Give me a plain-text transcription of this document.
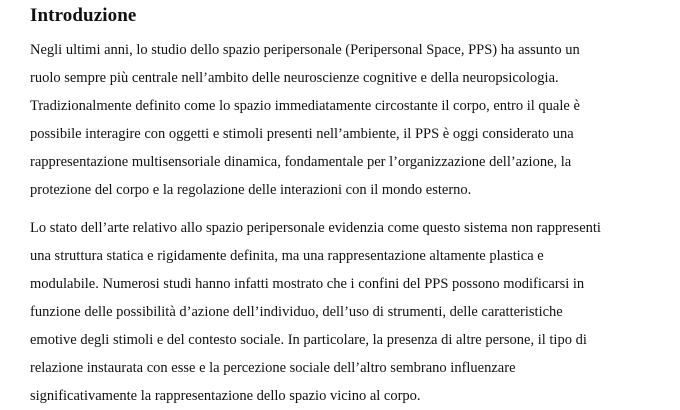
Introduzione

Negli ultimi anni, lo studio dello spazio peripersonale (Peripersonal Space, PPS) ha assunto un
ruolo sempre più centrale nell’ambito delle neuroscienze cognitive e della neuropsicologia.
Tradizionalmente definito come lo spazio immediatamente circostante il corpo, entro il quale è
possibile interagire con oggetti e stimoli presenti nell’ambiente, il PPS è oggi considerato una
rappresentazione multisensoriale dinamica, fondamentale per l’organizzazione dell’azione, la
protezione del corpo e la regolazione delle interazioni con il mondo esterno.

Lo stato dell’arte relativo allo spazio peripersonale evidenzia come questo sistema non rappresenti
una struttura statica e rigidamente definita, ma una rappresentazione altamente plastica e
modulabile. Numerosi studi hanno infatti mostrato che i confini del PPS possono modificarsi in
funzione delle possibilità d’azione dell’individuo, dell’uso di strumenti, delle caratteristiche
emotive degli stimoli e del contesto sociale. In particolare, la presenza di altre persone, il tipo di
relazione instaurata con esse e la percezione sociale dell’altro sembrano influenzare
significativamente la rappresentazione dello spazio vicino al corpo.
